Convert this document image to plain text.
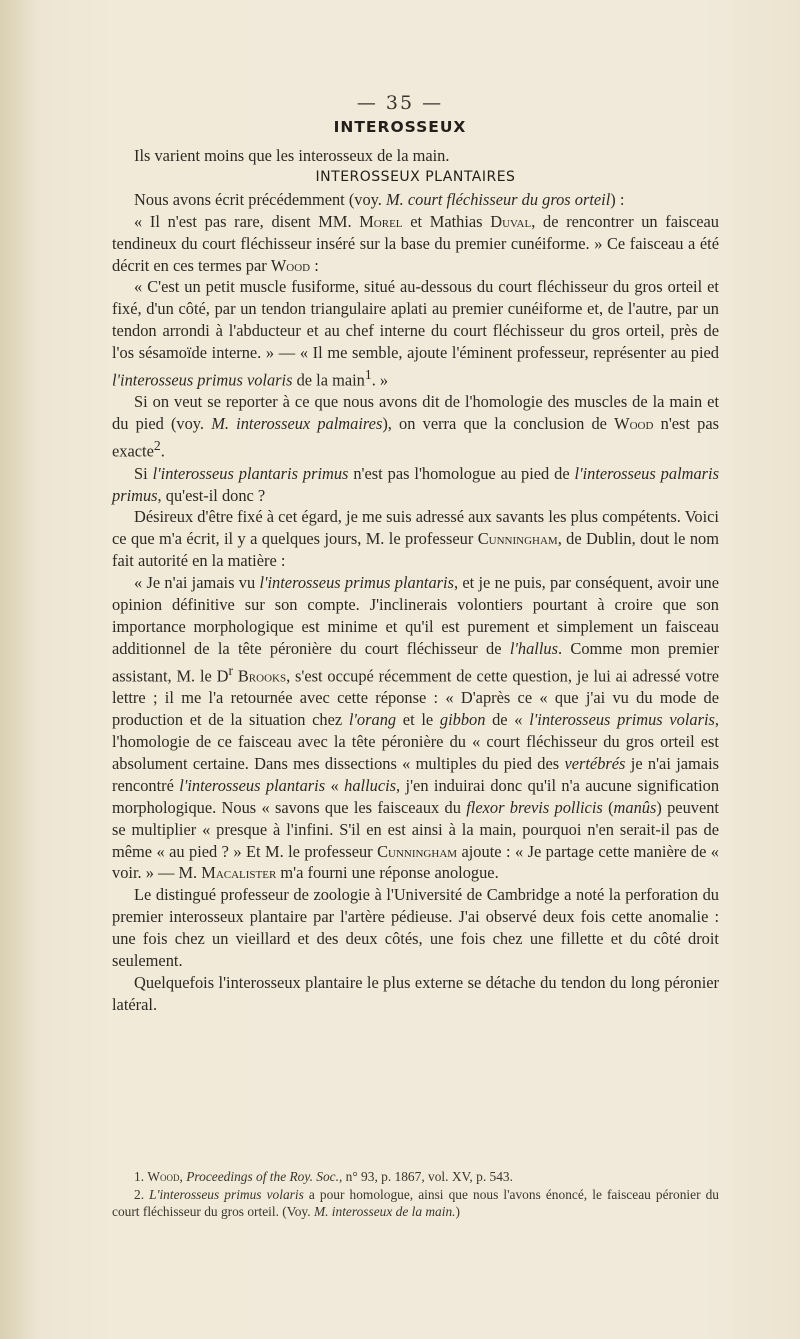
— 35 —
INTEROSSEUX

Ils varient moins que les interosseux de la main.

INTEROSSEUX PLANTAIRES

Nous avons écrit précédemment (voy. M. court fléchisseur du gros orteil) :

« Il n'est pas rare, disent MM. Morel et Mathias Duval, de rencontrer un faisceau tendineux du court fléchisseur inséré sur la base du premier cunéiforme. » Ce faisceau a été décrit en ces termes par Wood :

« C'est un petit muscle fusiforme, situé au-dessous du court fléchisseur du gros orteil et fixé, d'un côté, par un tendon triangulaire aplati au premier cunéiforme et, de l'autre, par un tendon arrondi à l'abducteur et au chef interne du court fléchisseur du gros orteil, près de l'os sésamoïde interne. » — « Il me semble, ajoute l'éminent professeur, représenter au pied l'interosseus primus volaris de la main$^1$. »

Si on veut se reporter à ce que nous avons dit de l'homologie des muscles de la main et du pied (voy. M. interosseux palmaires), on verra que la conclusion de Wood n'est pas exacte$^2$.

Si l'interosseus plantaris primus n'est pas l'homologue au pied de l'interosseus palmaris primus, qu'est-il donc ?

Désireux d'être fixé à cet égard, je me suis adressé aux savants les plus compétents. Voici ce que m'a écrit, il y a quelques jours, M. le professeur Cunningham, de Dublin, dout le nom fait autorité en la matière :

« Je n'ai jamais vu l'interosseus primus plantaris, et je ne puis, par conséquent, avoir une opinion définitive sur son compte. J'inclinerais volontiers pourtant à croire que son importance morphologique est minime et qu'il est purement et simplement un faisceau additionnel de la tête péronière du court fléchisseur de l'hallus. Comme mon premier assistant, M. le $D^r$ Brooks, s'est occupé récemment de cette question, je lui ai adressé votre lettre ; il me l'a retournée avec cette réponse : « D'après ce « que j'ai vu du mode de production et de la situation chez l'orang et le gibbon de « l'interosseus primus volaris, l'homologie de ce faisceau avec la tête péronière du « court fléchisseur du gros orteil est absolument certaine. Dans mes dissections « multiples du pied des vertébrés je n'ai jamais rencontré l'interosseus plantaris « hallucis, j'en induirai donc qu'il n'a aucune signification morphologique. Nous « savons que les faisceaux du flexor brevis pollicis (manûs) peuvent se multiplier « presque à l'infini. S'il en est ainsi à la main, pourquoi n'en serait-il pas de même « au pied ? » Et M. le professeur Cunningham ajoute : « Je partage cette manière de « voir. » — M. Macalister m'a fourni une réponse anologue.

Le distingué professeur de zoologie à l'Université de Cambridge a noté la perforation du premier interosseux plantaire par l'artère pédieuse. J'ai observé deux fois cette anomalie : une fois chez un vieillard et des deux côtés, une fois chez une fillette et du côté droit seulement.

Quelquefois l'interosseux plantaire le plus externe se détache du tendon du long péronier latéral.

1. Wood, Proceedings of the Roy. Soc., n° 93, p. 1867, vol. XV, p. 543.

2. L'interosseus primus volaris a pour homologue, ainsi que nous l'avons énoncé, le faisceau péronier du court fléchisseur du gros orteil. (Voy. M. interosseux de la main.)
